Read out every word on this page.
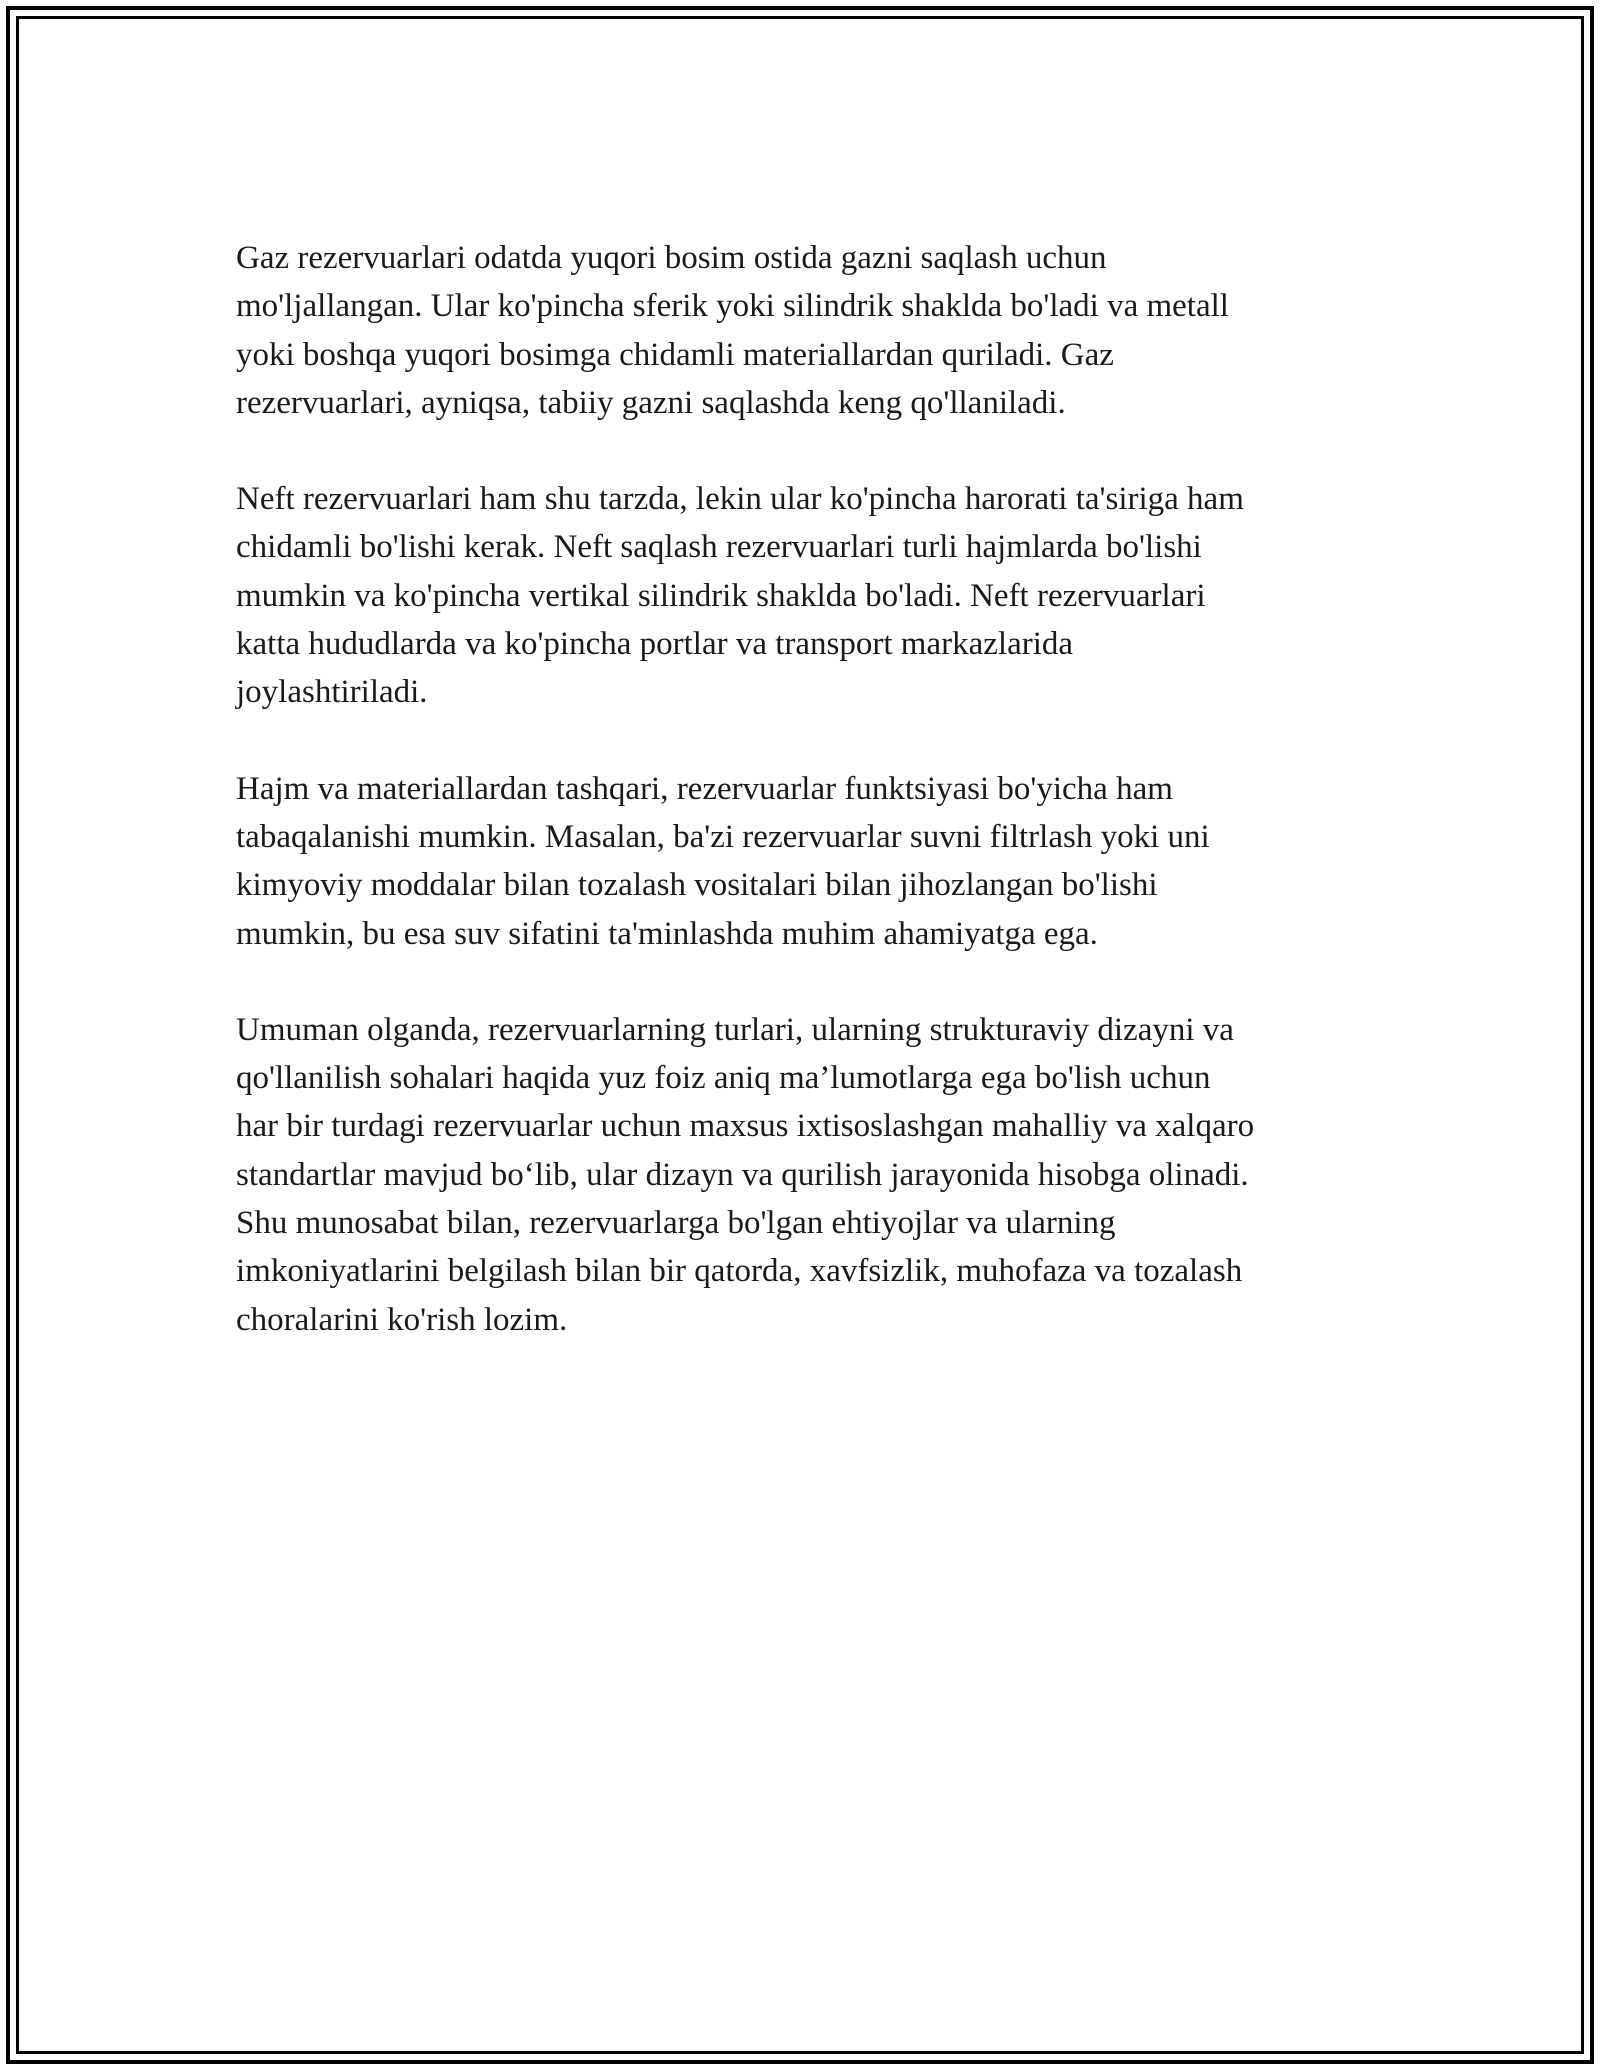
Gaz rezervuarlari odatda yuqori bosim ostida gazni saqlash uchun
mo'ljallangan. Ular ko'pincha sferik yoki silindrik shaklda bo'ladi va metall
yoki boshqa yuqori bosimga chidamli materiallardan quriladi. Gaz
rezervuarlari, ayniqsa, tabiiy gazni saqlashda keng qo'llaniladi.

Neft rezervuarlari ham shu tarzda, lekin ular ko'pincha harorati ta'siriga ham
chidamli bo'lishi kerak. Neft saqlash rezervuarlari turli hajmlarda bo'lishi
mumkin va ko'pincha vertikal silindrik shaklda bo'ladi. Neft rezervuarlari
katta hududlarda va ko'pincha portlar va transport markazlarida
joylashtiriladi.

Hajm va materiallardan tashqari, rezervuarlar funktsiyasi bo'yicha ham
tabaqalanishi mumkin. Masalan, ba'zi rezervuarlar suvni filtrlash yoki uni
kimyoviy moddalar bilan tozalash vositalari bilan jihozlangan bo'lishi
mumkin, bu esa suv sifatini ta'minlashda muhim ahamiyatga ega.

Umuman olganda, rezervuarlarning turlari, ularning strukturaviy dizayni va
qo'llanilish sohalari haqida yuz foiz aniq ma’lumotlarga ega bo'lish uchun
har bir turdagi rezervuarlar uchun maxsus ixtisoslashgan mahalliy va xalqaro
standartlar mavjud bo‘lib, ular dizayn va qurilish jarayonida hisobga olinadi.
Shu munosabat bilan, rezervuarlarga bo'lgan ehtiyojlar va ularning
imkoniyatlarini belgilash bilan bir qatorda, xavfsizlik, muhofaza va tozalash
choralarini ko'rish lozim.
